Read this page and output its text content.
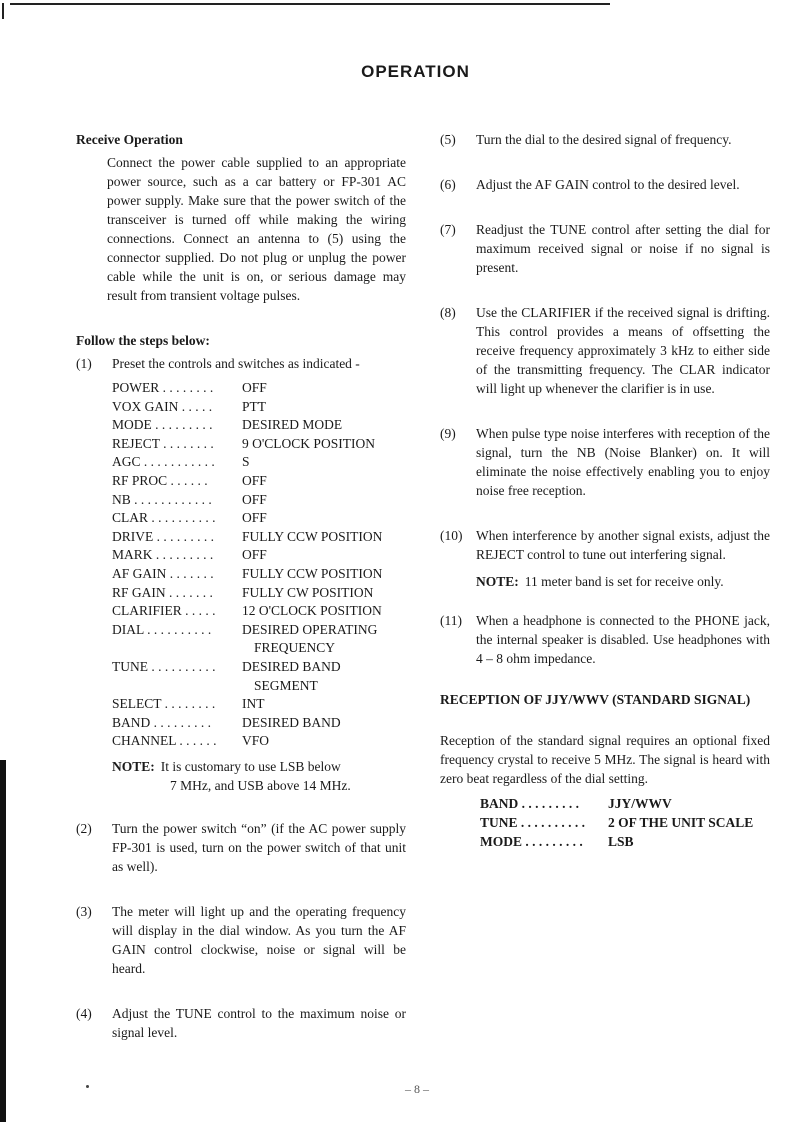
OPERATION
Receive Operation
Connect the power cable supplied to an appropriate power source, such as a car battery or FP-301 AC power supply. Make sure that the power switch of the transceiver is turned off while making the wiring connections. Connect an antenna to (5) using the connector supplied. Do not plug or unplug the power cable while the unit is on, or serious damage may result from transient voltage pulses.
Follow the steps below:
(1) Preset the controls and switches as indicated -
POWER . . . . . . . .	OFF
VOX GAIN . . . . .	PTT
MODE . . . . . . . . .	DESIRED MODE
REJECT . . . . . . . .	9 O'CLOCK POSITION
AGC . . . . . . . . . . .	S
RF PROC . . . . . .	OFF
NB . . . . . . . . . . . .	OFF
CLAR . . . . . . . . . .	OFF
DRIVE . . . . . . . . .	FULLY CCW POSITION
MARK . . . . . . . . .	OFF
AF GAIN . . . . . . .	FULLY CCW POSITION
RF GAIN . . . . . . .	FULLY CW POSITION
CLARIFIER . . . . .	12 O'CLOCK POSITION
DIAL . . . . . . . . . .	DESIRED OPERATING
FREQUENCY
TUNE . . . . . . . . . .	DESIRED BAND
SEGMENT
SELECT . . . . . . . .	INT
BAND . . . . . . . . .	DESIRED BAND
CHANNEL . . . . . .	VFO
NOTE: It is customary to use LSB below
7 MHz, and USB above 14 MHz.
(2) Turn the power switch “on” (if the AC power supply FP-301 is used, turn on the power switch of that unit as well).
(3) The meter will light up and the operating frequency will display in the dial window. As you turn the AF GAIN control clockwise, noise or signal will be heard.
(4) Adjust the TUNE control to the maximum noise or signal level.
(5) Turn the dial to the desired signal of frequency.
(6) Adjust the AF GAIN control to the desired level.
(7) Readjust the TUNE control after setting the dial for maximum received signal or noise if no signal is present.
(8) Use the CLARIFIER if the received signal is drifting. This control provides a means of offsetting the receive frequency approximately 3 kHz to either side of the transmitting frequency. The CLAR indicator will light up whenever the clarifier is in use.
(9) When pulse type noise interferes with reception of the signal, turn the NB (Noise Blanker) on. It will eliminate the noise effectively enabling you to enjoy noise free reception.
(10) When interference by another signal exists, adjust the REJECT control to tune out interfering signal.
NOTE: 11 meter band is set for receive only.
(11) When a headphone is connected to the PHONE jack, the internal speaker is disabled. Use headphones with 4 – 8 ohm impedance.
RECEPTION OF JJY/WWV (STANDARD SIGNAL)
Reception of the standard signal requires an optional fixed frequency crystal to receive 5 MHz. The signal is heard with zero beat regardless of the dial setting.
BAND . . . . . . . . .	JJY/WWV
TUNE . . . . . . . . . .	2 OF THE UNIT SCALE
MODE . . . . . . . . .	LSB
– 8 –
